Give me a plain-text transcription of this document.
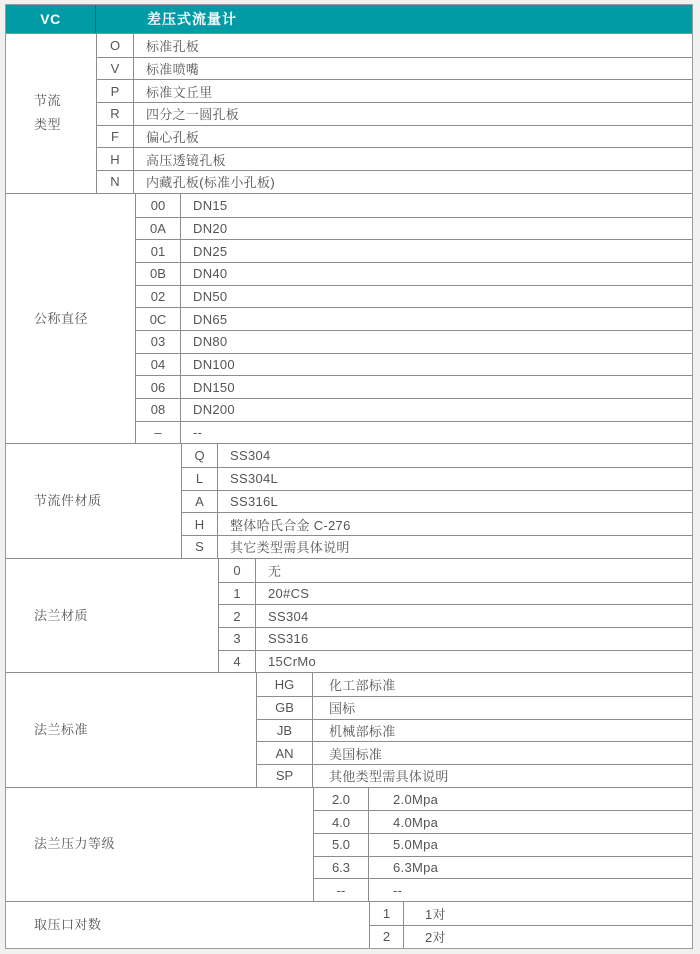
VC	差压式流量计
节流
类型
O	标准孔板
V	标准喷嘴
P	标准文丘里
R	四分之一圆孔板
F	偏心孔板
H	高压透镜孔板
N	内藏孔板(标准小孔板)
公称直径
00	DN15
0A	DN20
01	DN25
0B	DN40
02	DN50
0C	DN65
03	DN80
04	DN100
06	DN150
08	DN200
–	--
节流件材质
Q	SS304
L	SS304L
A	SS316L
H	整体哈氏合金 C-276
S	其它类型需具体说明
法兰材质
0	无
1	20#CS
2	SS304
3	SS316
4	15CrMo
法兰标准
HG	化工部标准
GB	国标
JB	机械部标准
AN	美国标准
SP	其他类型需具体说明
法兰压力等级
2.0	2.0Mpa
4.0	4.0Mpa
5.0	5.0Mpa
6.3	6.3Mpa
--	--
取压口对数
1	1对
2	2对
